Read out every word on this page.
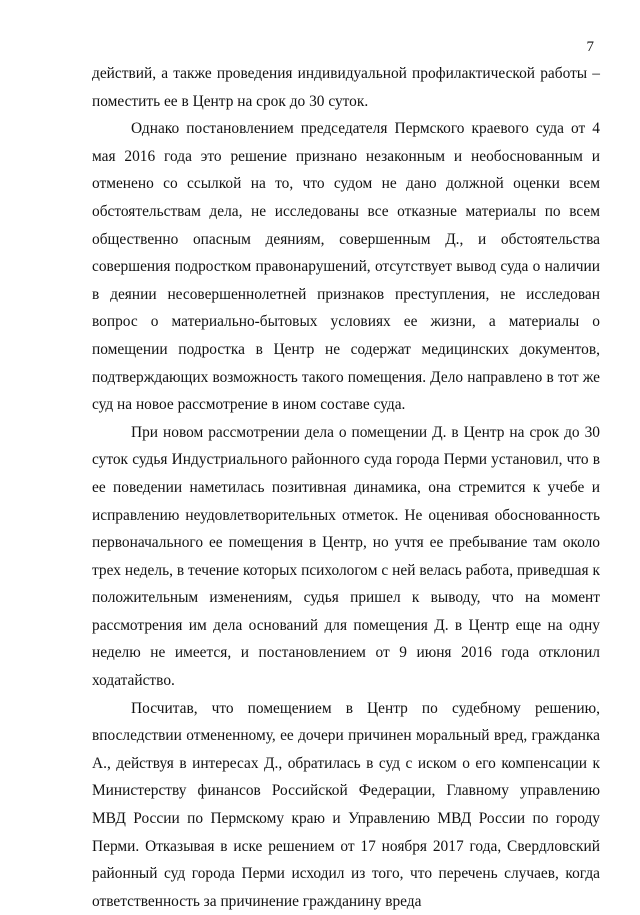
7

действий, а также проведения индивидуальной профилактической работы – поместить ее в Центр на срок до 30 суток.

Однако постановлением председателя Пермского краевого суда от 4 мая 2016 года это решение признано незаконным и необоснованным и отменено со ссылкой на то, что судом не дано должной оценки всем обстоятельствам дела, не исследованы все отказные материалы по всем общественно опасным деяниям, совершенным Д., и обстоятельства совершения подростком правонарушений, отсутствует вывод суда о наличии в деянии несовершеннолетней признаков преступления, не исследован вопрос о материально-бытовых условиях ее жизни, а материалы о помещении подростка в Центр не содержат медицинских документов, подтверждающих возможность такого помещения. Дело направлено в тот же суд на новое рассмотрение в ином составе суда.

При новом рассмотрении дела о помещении Д. в Центр на срок до 30 суток судья Индустриального районного суда города Перми установил, что в ее поведении наметилась позитивная динамика, она стремится к учебе и исправлению неудовлетворительных отметок. Не оценивая обоснованность первоначального ее помещения в Центр, но учтя ее пребывание там около трех недель, в течение которых психологом с ней велась работа, приведшая к положительным изменениям, судья пришел к выводу, что на момент рассмотрения им дела оснований для помещения Д. в Центр еще на одну неделю не имеется, и постановлением от 9 июня 2016 года отклонил ходатайство.

Посчитав, что помещением в Центр по судебному решению, впоследствии отмененному, ее дочери причинен моральный вред, гражданка А., действуя в интересах Д., обратилась в суд с иском о его компенсации к Министерству финансов Российской Федерации, Главному управлению МВД России по Пермскому краю и Управлению МВД России по городу Перми. Отказывая в иске решением от 17 ноября 2017 года, Свердловский районный суд города Перми исходил из того, что перечень случаев, когда ответственность за причинение гражданину вреда
